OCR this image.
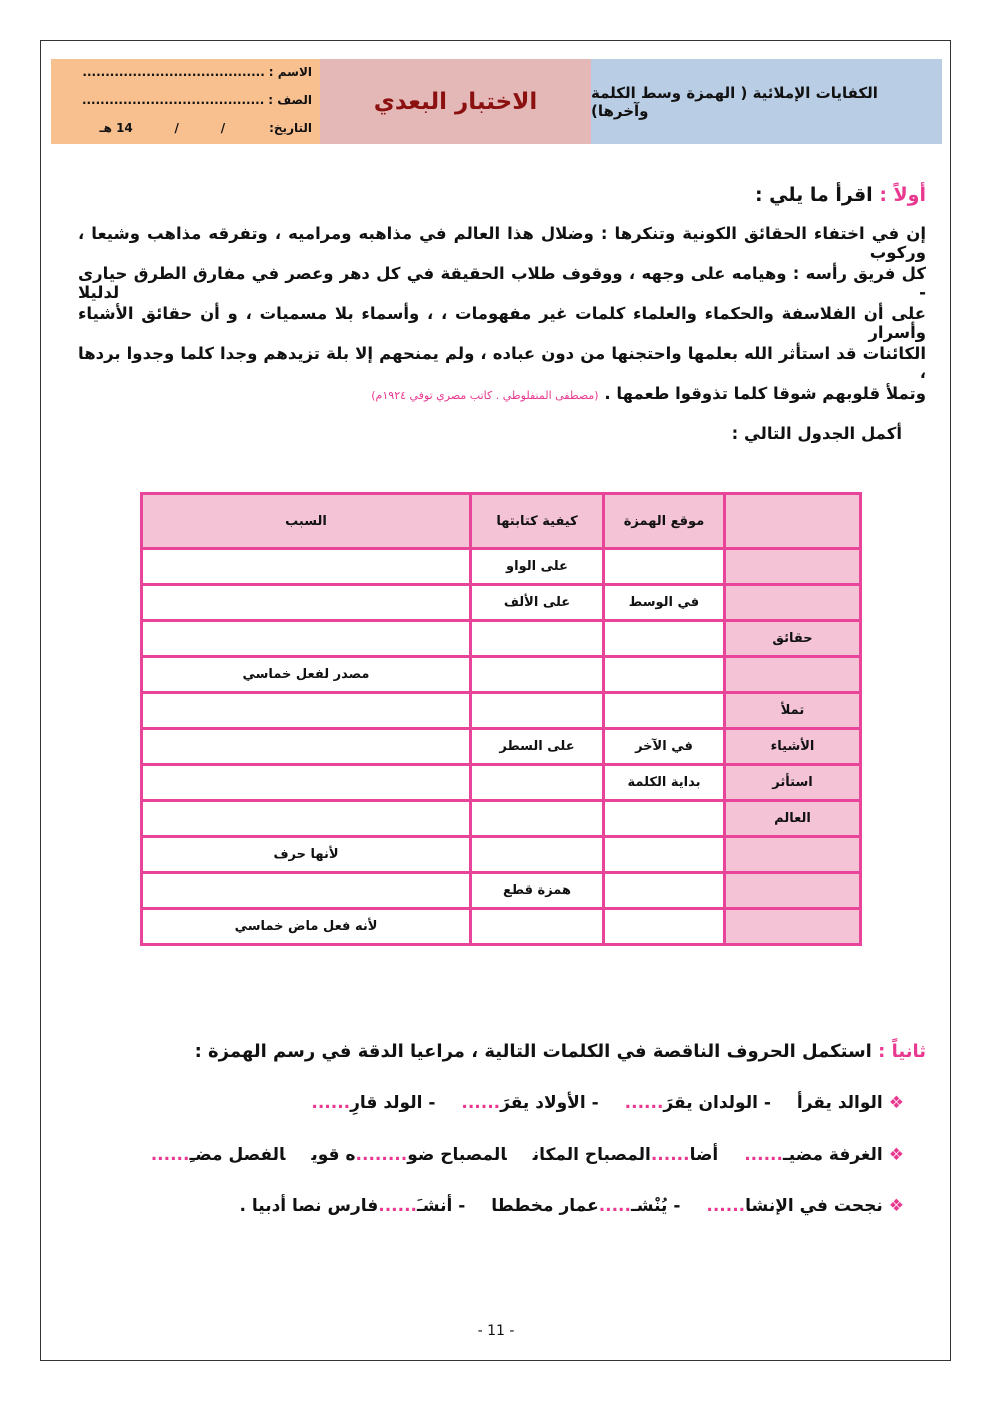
الكفايات الإملائية ( الهمزة وسط الكلمة وآخرها)
الاختبار البعدي
الاسم :
........................................
الصف :
........................................
التاريخ:
/          /          14 هـ
أولاً : اقرأ ما يلي :
إن في اختفاء الحقائق الكونية وتنكرها : وضلال هذا العالم في مذاهبه ومراميه ، وتفرقه مذاهب وشيعا ، وركوب
كل فريق رأسه : وهيامه على وجهه ، ووقوف طلاب الحقيقة في كل دهر وعصر في مفارق الطرق حيارى - لدليلا
على أن الفلاسفة والحكماء والعلماء كلمات غير مفهومات ، ، وأسماء بلا مسميات ، و أن حقائق الأشياء وأسرار
الكائنات قد استأثر الله بعلمها واحتجنها من دون عباده ، ولم يمنحهم إلا بلة تزيدهم وجدا كلما وجدوا بردها ،
وتملأ قلوبهم شوقا كلما تذوقوا طعمها . (مصطفى المنفلوطي . كاتب مصري توفي ١٩٢٤م)
أكمل الجدول التالي :
	موقع الهمزة	كيفية كتابتها	السبب
		على الواو	
	في الوسط	على الألف	
حقائق			
			مصدر لفعل خماسي
تملأ			
الأشياء	في الآخر	على السطر	
استأثر	بداية الكلمة		
العالم			
			لأنها حرف
		همزة قطع	
			لأنه فعل ماض خماسي
ثانياً : استكمل الحروف الناقصة في الكلمات التالية ، مراعيا الدقة في رسم الهمزة :
❖الوالد يقرأ- الولدان يقرَ......- الأولاد يقرَ......- الولد قارِ......
❖الغرفة مضيـ......أضا......المصباح المكانالمصباح ضو........ه قويالفصل مضـِ......
❖نجحت في الإنشا......- يُنْشـ.....عمار مخططا- أنشـَ......فارس نصا أدبيا .
- 11 -
